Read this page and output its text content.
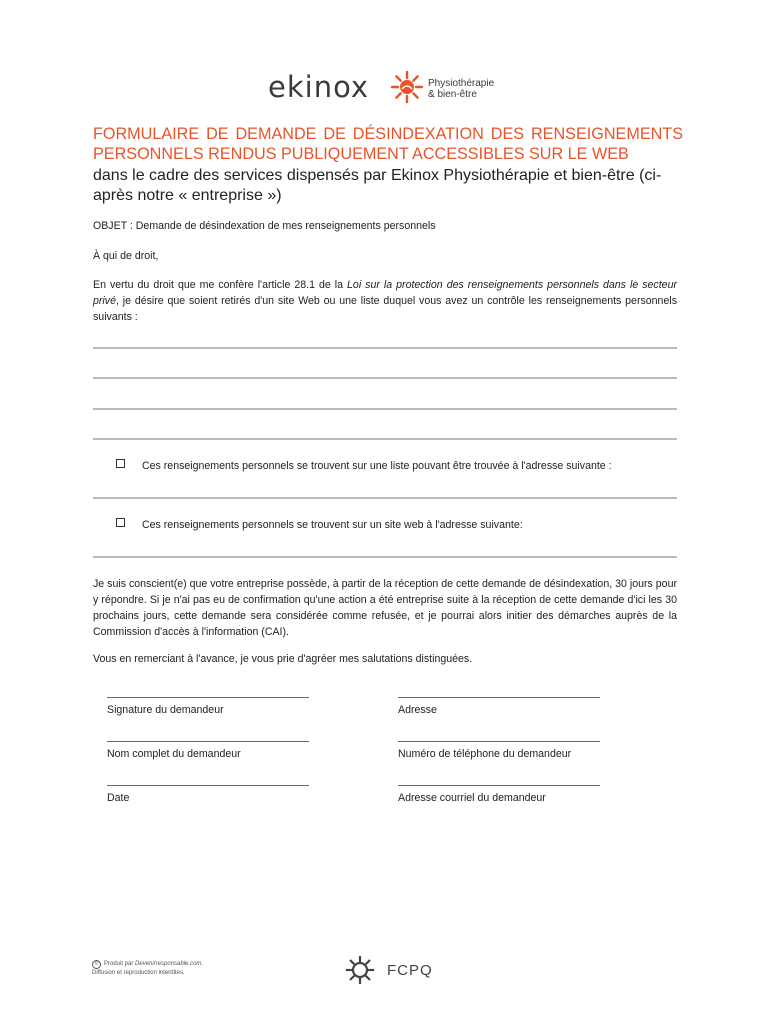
ekinox	Physiothérapie
& bien-être
FORMULAIRE DE DEMANDE DE DÉSINDEXATION DES RENSEIGNEMENTS PERSONNELS RENDUS PUBLIQUEMENT ACCESSIBLES SUR LE WEB
dans le cadre des services dispensés par Ekinox Physiothérapie et bien-être (ci-après notre « entreprise »)
OBJET : Demande de désindexation de mes renseignements personnels
À qui de droit,
En vertu du droit que me confère l'article 28.1 de la Loi sur la protection des renseignements personnels dans le secteur privé, je désire que soient retirés d'un site Web ou une liste duquel vous avez un contrôle les renseignements personnels suivants :
Ces renseignements personnels se trouvent sur une liste pouvant être trouvée à l'adresse suivante :
Ces renseignements personnels se trouvent sur un site web à l'adresse suivante:
Je suis conscient(e) que votre entreprise possède, à partir de la réception de cette demande de désindexation, 30 jours pour y répondre. Si je n'ai pas eu de confirmation qu'une action a été entreprise suite à la réception de cette demande d'ici les 30 prochains jours, cette demande sera considérée comme refusée, et je pourrai alors initier des démarches auprès de la Commission d'accès à l'information (CAI).
Vous en remerciant à l'avance, je vous prie d'agréer mes salutations distinguées.
Signature du demandeur	Adresse
Nom complet du demandeur	Numéro de téléphone du demandeur
Date	Adresse courriel du demandeur
© Produit par Devenirresponsable.com.
Diffusion et reproduction interdites.	FCPQ
